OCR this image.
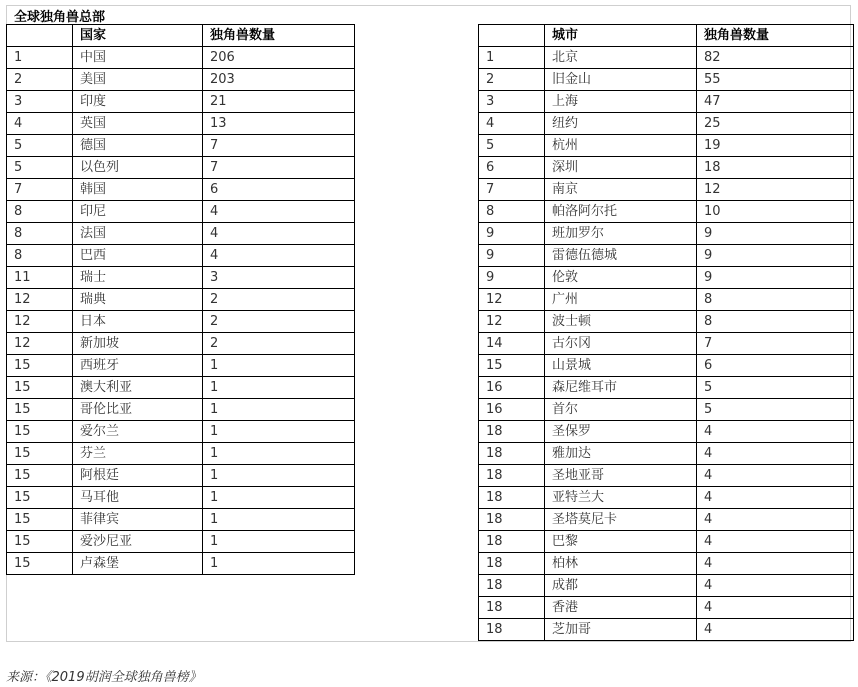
全球独角兽总部
	国家	独角兽数量
1	中国	206
2	美国	203
3	印度	21
4	英国	13
5	德国	7
5	以色列	7
7	韩国	6
8	印尼	4
8	法国	4
8	巴西	4
11	瑞士	3
12	瑞典	2
12	日本	2
12	新加坡	2
15	西班牙	1
15	澳大利亚	1
15	哥伦比亚	1
15	爱尔兰	1
15	芬兰	1
15	阿根廷	1
15	马耳他	1
15	菲律宾	1
15	爱沙尼亚	1
15	卢森堡	1
	城市	独角兽数量
1	北京	82
2	旧金山	55
3	上海	47
4	纽约	25
5	杭州	19
6	深圳	18
7	南京	12
8	帕洛阿尔托	10
9	班加罗尔	9
9	雷德伍德城	9
9	伦敦	9
12	广州	8
12	波士顿	8
14	古尔冈	7
15	山景城	6
16	森尼维耳市	5
16	首尔	5
18	圣保罗	4
18	雅加达	4
18	圣地亚哥	4
18	亚特兰大	4
18	圣塔莫尼卡	4
18	巴黎	4
18	柏林	4
18	成都	4
18	香港	4
18	芝加哥	4
来源：《2019胡润全球独角兽榜》
